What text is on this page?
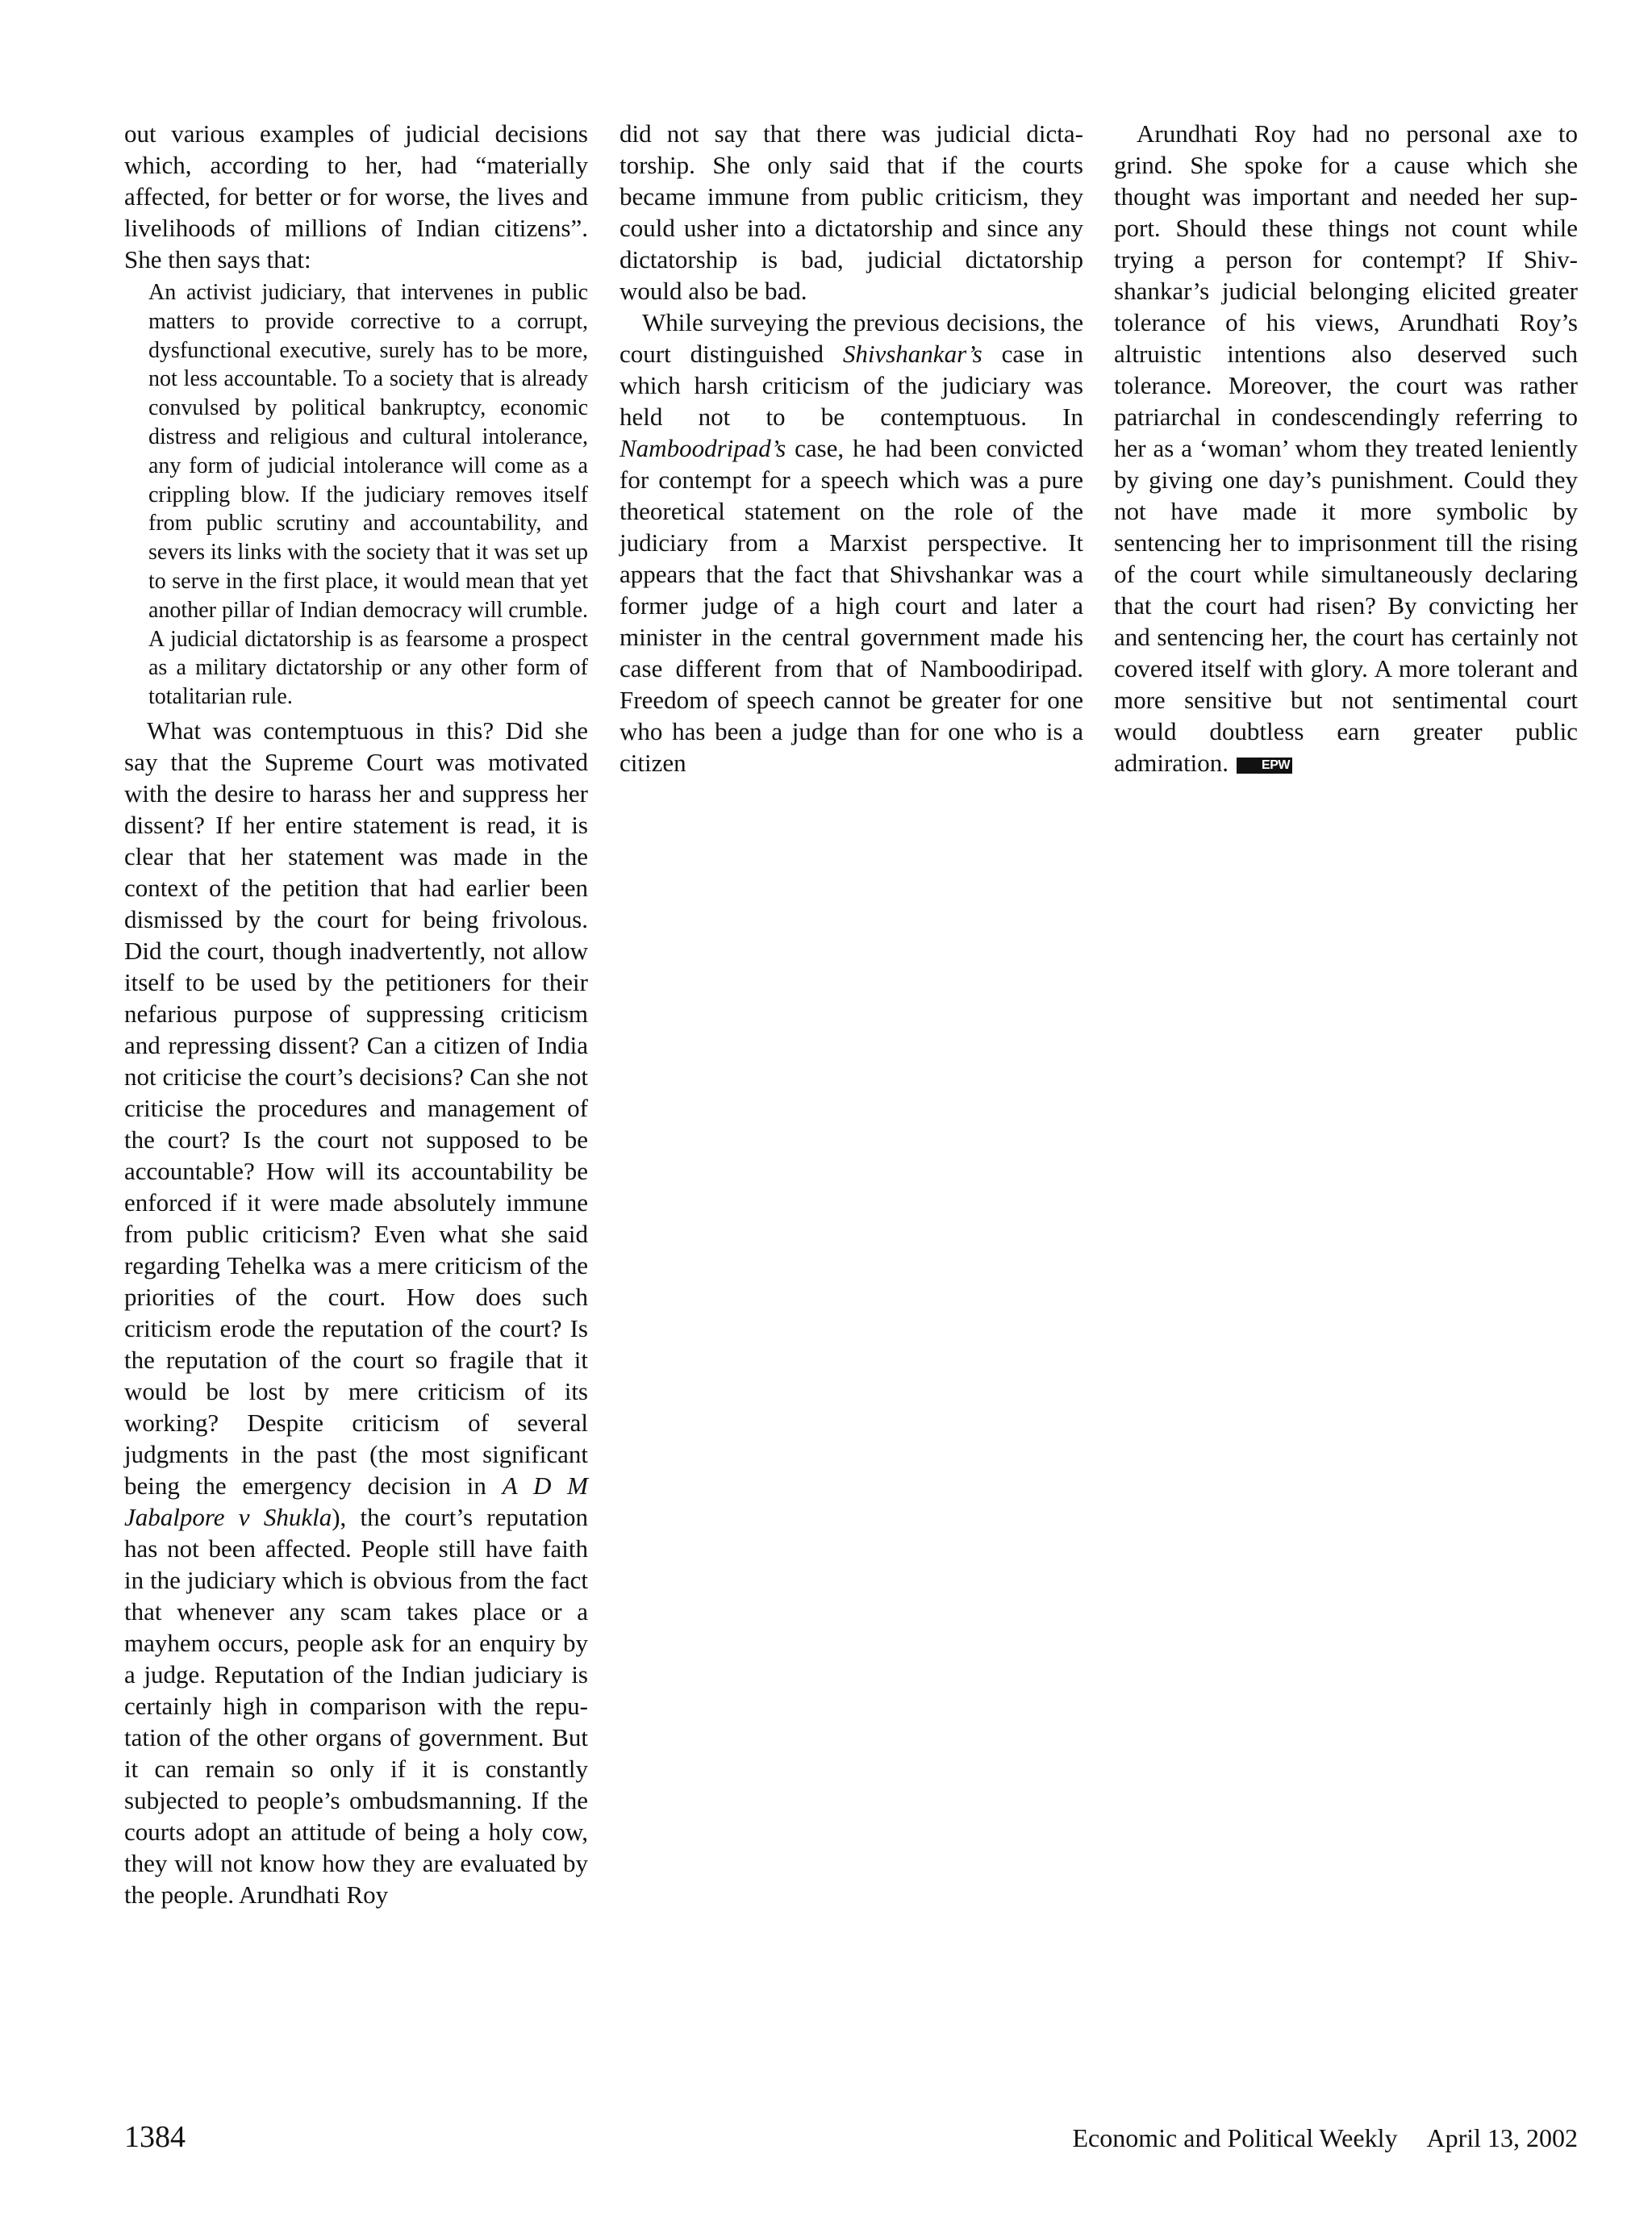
out various examples of judicial decisions which, according to her, had “materially affected, for better or for worse, the lives and livelihoods of millions of Indian citizens”. She then says that:

An activist judiciary, that intervenes in public matters to provide corrective to a corrupt, dysfunctional executive, surely has to be more, not less accountable. To a society that is already convulsed by political bankruptcy, economic distress and religious and cultural intolerance, any form of judicial intolerance will come as a crippling blow. If the judiciary removes itself from public scrutiny and accountability, and severs its links with the society that it was set up to serve in the first place, it would mean that yet another pillar of Indian democracy will crumble. A judicial dictatorship is as fearsome a prospect as a military dictatorship or any other form of totalitarian rule.

What was contemptuous in this? Did she say that the Supreme Court was motivated with the desire to harass her and suppress her dissent? If her entire statement is read, it is clear that her statement was made in the context of the petition that had earlier been dismissed by the court for being frivolous. Did the court, though inadvertently, not allow itself to be used by the petitioners for their nefarious purpose of suppressing criticism and repressing dissent? Can a citizen of India not criticise the court’s decisions? Can she not criticise the procedures and management of the court? Is the court not supposed to be accountable? How will its accountability be enforced if it were made absolutely immune from public criticism? Even what she said regarding Tehelka was a mere criticism of the priorities of the court. How does such criticism erode the reputation of the court? Is the reputation of the court so fragile that it would be lost by mere criticism of its working? Despite criticism of several judgments in the past (the most significant being the emergency decision in A D M Jabalpore v Shukla), the court’s reputation has not been affected. People still have faith in the judiciary which is obvious from the fact that whenever any scam takes place or a mayhem occurs, people ask for an enquiry by a judge. Reputation of the Indian judiciary is certainly high in comparison with the reputation of the other organs of government. But it can remain so only if it is constantly subjected to people’s ombudsmanning. If the courts adopt an attitude of being a holy cow, they will not know how they are evaluated by the people. Arundhati Roy

did not say that there was judicial dictatorship. She only said that if the courts became immune from public criticism, they could usher into a dictatorship and since any dictatorship is bad, judicial dictatorship would also be bad.

While surveying the previous decisions, the court distinguished Shivshankar’s case in which harsh criticism of the judiciary was held not to be contemptuous. In Namboodripad’s case, he had been convicted for contempt for a speech which was a pure theoretical statement on the role of the judiciary from a Marxist perspective. It appears that the fact that Shivshankar was a former judge of a high court and later a minister in the central government made his case different from that of Namboodiripad. Freedom of speech cannot be greater for one who has been a judge than for one who is a citizen

Arundhati Roy had no personal axe to grind. She spoke for a cause which she thought was important and needed her support. Should these things not count while trying a person for contempt? If Shivshankar’s judicial belonging elicited greater tolerance of his views, Arundhati Roy’s altruistic intentions also deserved such tolerance. Moreover, the court was rather patriarchal in condescendingly referring to her as a ‘woman’ whom they treated leniently by giving one day’s punishment. Could they not have made it more symbolic by sentencing her to imprisonment till the rising of the court while simultaneously declaring that the court had risen? By convicting her and sentencing her, the court has certainly not covered itself with glory. A more tolerant and more sensitive but not sentimental court would doubtless earn greater public admiration.	EPW

1384	Economic and Political Weekly April 13, 2002
